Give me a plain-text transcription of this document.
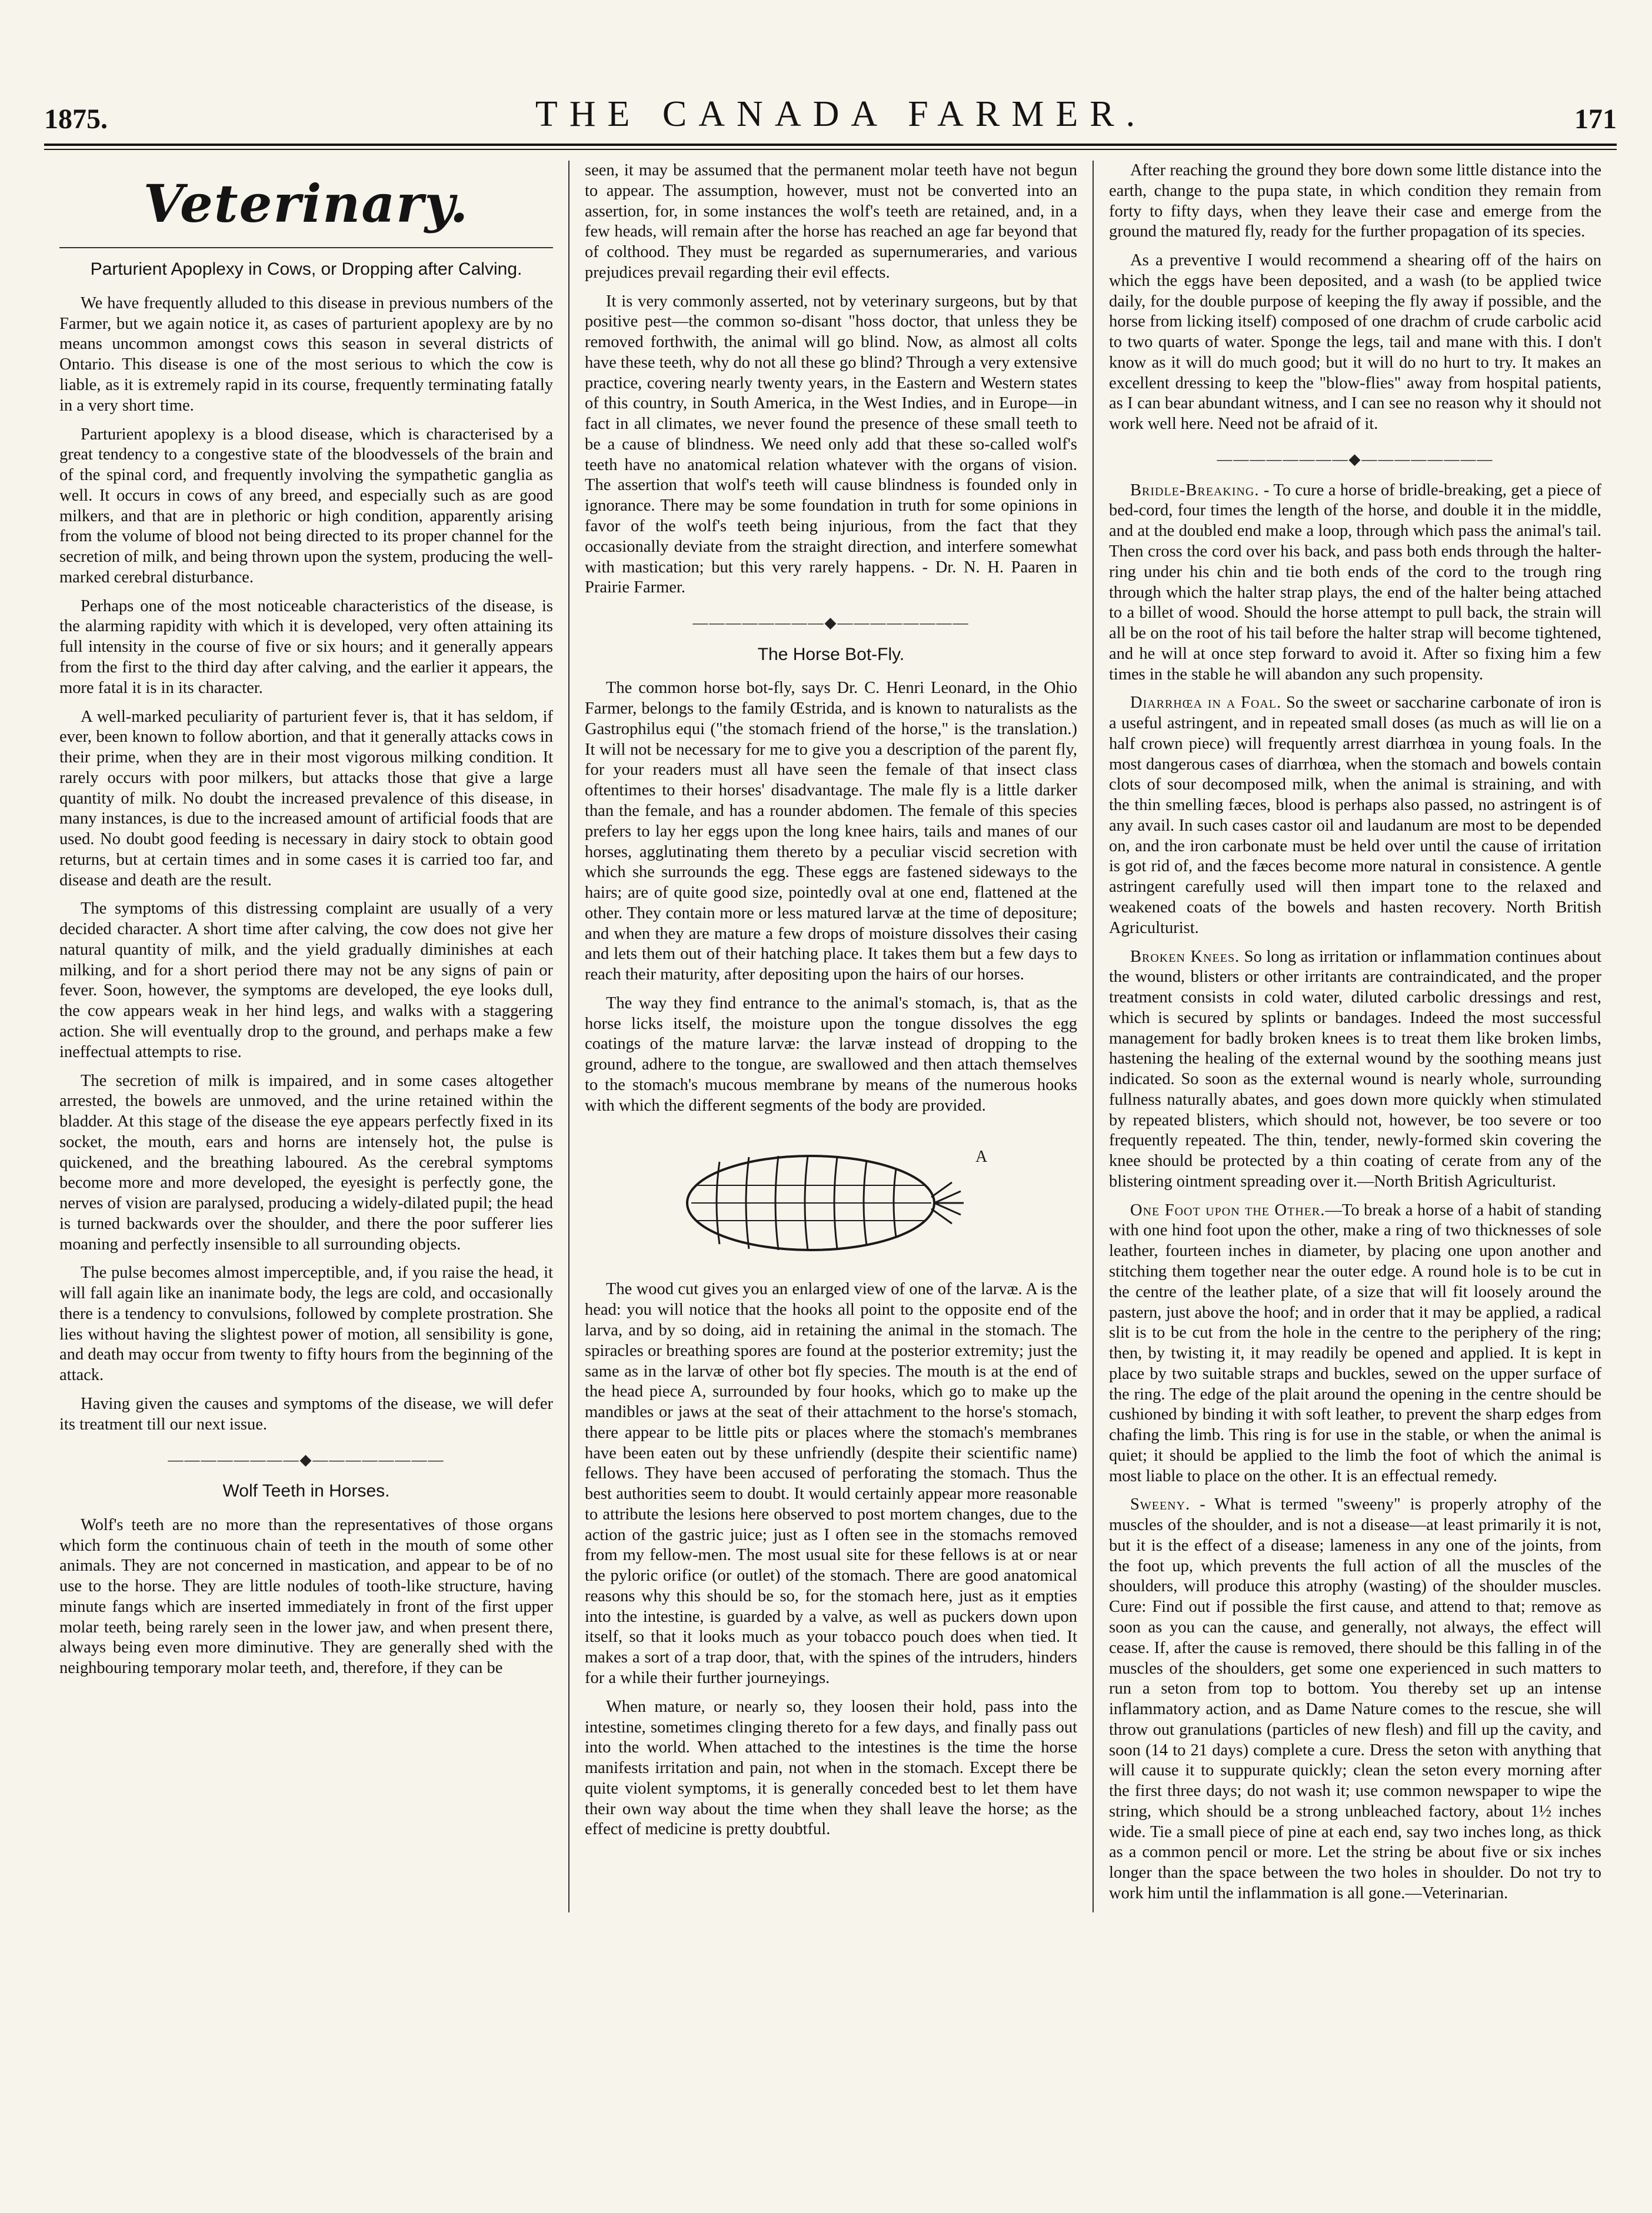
1875.	THE CANADA FARMER.	171
Veterinary.
Parturient Apoplexy in Cows, or Dropping after Calving.

We have frequently alluded to this disease in previous numbers of the Farmer, but we again notice it, as cases of parturient apoplexy are by no means uncommon amongst cows this season in several districts of Ontario. This disease is one of the most serious to which the cow is liable, as it is extremely rapid in its course, frequently terminating fatally in a very short time.

Parturient apoplexy is a blood disease, which is characterised by a great tendency to a congestive state of the bloodvessels of the brain and of the spinal cord, and frequently involving the sympathetic ganglia as well. It occurs in cows of any breed, and especially such as are good milkers, and that are in plethoric or high condition, apparently arising from the volume of blood not being directed to its proper channel for the secretion of milk, and being thrown upon the system, producing the well-marked cerebral disturbance.

Perhaps one of the most noticeable characteristics of the disease, is the alarming rapidity with which it is developed, very often attaining its full intensity in the course of five or six hours; and it generally appears from the first to the third day after calving, and the earlier it appears, the more fatal it is in its character.

A well-marked peculiarity of parturient fever is, that it has seldom, if ever, been known to follow abortion, and that it generally attacks cows in their prime, when they are in their most vigorous milking condition. It rarely occurs with poor milkers, but attacks those that give a large quantity of milk. No doubt the increased prevalence of this disease, in many instances, is due to the increased amount of artificial foods that are used. No doubt good feeding is necessary in dairy stock to obtain good returns, but at certain times and in some cases it is carried too far, and disease and death are the result.

The symptoms of this distressing complaint are usually of a very decided character. A short time after calving, the cow does not give her natural quantity of milk, and the yield gradually diminishes at each milking, and for a short period there may not be any signs of pain or fever. Soon, however, the symptoms are developed, the eye looks dull, the cow appears weak in her hind legs, and walks with a staggering action. She will eventually drop to the ground, and perhaps make a few ineffectual attempts to rise.

The secretion of milk is impaired, and in some cases altogether arrested, the bowels are unmoved, and the urine retained within the bladder. At this stage of the disease the eye appears perfectly fixed in its socket, the mouth, ears and horns are intensely hot, the pulse is quickened, and the breathing laboured. As the cerebral symptoms become more and more developed, the eyesight is perfectly gone, the nerves of vision are paralysed, producing a widely-dilated pupil; the head is turned backwards over the shoulder, and there the poor sufferer lies moaning and perfectly insensible to all surrounding objects.

The pulse becomes almost imperceptible, and, if you raise the head, it will fall again like an inanimate body, the legs are cold, and occasionally there is a tendency to convulsions, followed by complete prostration. She lies without having the slightest power of motion, all sensibility is gone, and death may occur from twenty to fifty hours from the beginning of the attack.

Having given the causes and symptoms of the disease, we will defer its treatment till our next issue.

————————◆————————
Wolf Teeth in Horses.

Wolf's teeth are no more than the representatives of those organs which form the continuous chain of teeth in the mouth of some other animals. They are not concerned in mastication, and appear to be of no use to the horse. They are little nodules of tooth-like structure, having minute fangs which are inserted immediately in front of the first upper molar teeth, being rarely seen in the lower jaw, and when present there, always being even more diminutive. They are generally shed with the neighbouring temporary molar teeth, and, therefore, if they can be

seen, it may be assumed that the permanent molar teeth have not begun to appear. The assumption, however, must not be converted into an assertion, for, in some instances the wolf's teeth are retained, and, in a few heads, will remain after the horse has reached an age far beyond that of colthood. They must be regarded as supernumeraries, and various prejudices prevail regarding their evil effects.

It is very commonly asserted, not by veterinary surgeons, but by that positive pest—the common so-disant "hoss doctor, that unless they be removed forthwith, the animal will go blind. Now, as almost all colts have these teeth, why do not all these go blind? Through a very extensive practice, covering nearly twenty years, in the Eastern and Western states of this country, in South America, in the West Indies, and in Europe—in fact in all climates, we never found the presence of these small teeth to be a cause of blindness. We need only add that these so-called wolf's teeth have no anatomical relation whatever with the organs of vision. The assertion that wolf's teeth will cause blindness is founded only in ignorance. There may be some foundation in truth for some opinions in favor of the wolf's teeth being injurious, from the fact that they occasionally deviate from the straight direction, and interfere somewhat with mastication; but this very rarely happens. - Dr. N. H. Paaren in Prairie Farmer.

————————◆————————
The Horse Bot-Fly.

The common horse bot-fly, says Dr. C. Henri Leonard, in the Ohio Farmer, belongs to the family Œstrida, and is known to naturalists as the Gastrophilus equi ("the stomach friend of the horse," is the translation.) It will not be necessary for me to give you a description of the parent fly, for your readers must all have seen the female of that insect class oftentimes to their horses' disadvantage. The male fly is a little darker than the female, and has a rounder abdomen. The female of this species prefers to lay her eggs upon the long knee hairs, tails and manes of our horses, agglutinating them thereto by a peculiar viscid secretion with which she surrounds the egg. These eggs are fastened sideways to the hairs; are of quite good size, pointedly oval at one end, flattened at the other. They contain more or less matured larvæ at the time of depositure; and when they are mature a few drops of moisture dissolves their casing and lets them out of their hatching place. It takes them but a few days to reach their maturity, after depositing upon the hairs of our horses.

The way they find entrance to the animal's stomach, is, that as the horse licks itself, the moisture upon the tongue dissolves the egg coatings of the mature larvæ: the larvæ instead of dropping to the ground, adhere to the tongue, are swallowed and then attach themselves to the stomach's mucous membrane by means of the numerous hooks with which the different segments of the body are provided.

A

The wood cut gives you an enlarged view of one of the larvæ. A is the head: you will notice that the hooks all point to the opposite end of the larva, and by so doing, aid in retaining the animal in the stomach. The spiracles or breathing spores are found at the posterior extremity; just the same as in the larvæ of other bot fly species. The mouth is at the end of the head piece A, surrounded by four hooks, which go to make up the mandibles or jaws at the seat of their attachment to the horse's stomach, there appear to be little pits or places where the stomach's membranes have been eaten out by these unfriendly (despite their scientific name) fellows. They have been accused of perforating the stomach. Thus the best authorities seem to doubt. It would certainly appear more reasonable to attribute the lesions here observed to post mortem changes, due to the action of the gastric juice; just as I often see in the stomachs removed from my fellow-men. The most usual site for these fellows is at or near the pyloric orifice (or outlet) of the stomach. There are good anatomical reasons why this should be so, for the stomach here, just as it empties into the intestine, is guarded by a valve, as well as puckers down upon itself, so that it looks much as your tobacco pouch does when tied. It makes a sort of a trap door, that, with the spines of the intruders, hinders for a while their further journeyings.

When mature, or nearly so, they loosen their hold, pass into the intestine, sometimes clinging thereto for a few days, and finally pass out into the world. When attached to the intestines is the time the horse manifests irritation and pain, not when in the stomach. Except there be quite violent symptoms, it is generally conceded best to let them have their own way about the time when they shall leave the horse; as the effect of medicine is pretty doubtful.

After reaching the ground they bore down some little distance into the earth, change to the pupa state, in which condition they remain from forty to fifty days, when they leave their case and emerge from the ground the matured fly, ready for the further propagation of its species.

As a preventive I would recommend a shearing off of the hairs on which the eggs have been deposited, and a wash (to be applied twice daily, for the double purpose of keeping the fly away if possible, and the horse from licking itself) composed of one drachm of crude carbolic acid to two quarts of water. Sponge the legs, tail and mane with this. I don't know as it will do much good; but it will do no hurt to try. It makes an excellent dressing to keep the "blow-flies" away from hospital patients, as I can bear abundant witness, and I can see no reason why it should not work well here. Need not be afraid of it.

————————◆————————

Bridle-Breaking. - To cure a horse of bridle-breaking, get a piece of bed-cord, four times the length of the horse, and double it in the middle, and at the doubled end make a loop, through which pass the animal's tail. Then cross the cord over his back, and pass both ends through the halter-ring under his chin and tie both ends of the cord to the trough ring through which the halter strap plays, the end of the halter being attached to a billet of wood. Should the horse attempt to pull back, the strain will all be on the root of his tail before the halter strap will become tightened, and he will at once step forward to avoid it. After so fixing him a few times in the stable he will abandon any such propensity.

Diarrhœa in a Foal. So the sweet or saccharine carbonate of iron is a useful astringent, and in repeated small doses (as much as will lie on a half crown piece) will frequently arrest diarrhœa in young foals. In the most dangerous cases of diarrhœa, when the stomach and bowels contain clots of sour decomposed milk, when the animal is straining, and with the thin smelling fæces, blood is perhaps also passed, no astringent is of any avail. In such cases castor oil and laudanum are most to be depended on, and the iron carbonate must be held over until the cause of irritation is got rid of, and the fæces become more natural in consistence. A gentle astringent carefully used will then impart tone to the relaxed and weakened coats of the bowels and hasten recovery. North British Agriculturist.

Broken Knees. So long as irritation or inflammation continues about the wound, blisters or other irritants are contraindicated, and the proper treatment consists in cold water, diluted carbolic dressings and rest, which is secured by splints or bandages. Indeed the most successful management for badly broken knees is to treat them like broken limbs, hastening the healing of the external wound by the soothing means just indicated. So soon as the external wound is nearly whole, surrounding fullness naturally abates, and goes down more quickly when stimulated by repeated blisters, which should not, however, be too severe or too frequently repeated. The thin, tender, newly-formed skin covering the knee should be protected by a thin coating of cerate from any of the blistering ointment spreading over it.—North British Agriculturist.

One Foot upon the Other.—To break a horse of a habit of standing with one hind foot upon the other, make a ring of two thicknesses of sole leather, fourteen inches in diameter, by placing one upon another and stitching them together near the outer edge. A round hole is to be cut in the centre of the leather plate, of a size that will fit loosely around the pastern, just above the hoof; and in order that it may be applied, a radical slit is to be cut from the hole in the centre to the periphery of the ring; then, by twisting it, it may readily be opened and applied. It is kept in place by two suitable straps and buckles, sewed on the upper surface of the ring. The edge of the plait around the opening in the centre should be cushioned by binding it with soft leather, to prevent the sharp edges from chafing the limb. This ring is for use in the stable, or when the animal is quiet; it should be applied to the limb the foot of which the animal is most liable to place on the other. It is an effectual remedy.

Sweeny. - What is termed "sweeny" is properly atrophy of the muscles of the shoulder, and is not a disease—at least primarily it is not, but it is the effect of a disease; lameness in any one of the joints, from the foot up, which prevents the full action of all the muscles of the shoulders, will produce this atrophy (wasting) of the shoulder muscles. Cure: Find out if possible the first cause, and attend to that; remove as soon as you can the cause, and generally, not always, the effect will cease. If, after the cause is removed, there should be this falling in of the muscles of the shoulders, get some one experienced in such matters to run a seton from top to bottom. You thereby set up an intense inflammatory action, and as Dame Nature comes to the rescue, she will throw out granulations (particles of new flesh) and fill up the cavity, and soon (14 to 21 days) complete a cure. Dress the seton with anything that will cause it to suppurate quickly; clean the seton every morning after the first three days; do not wash it; use common newspaper to wipe the string, which should be a strong unbleached factory, about 1½ inches wide. Tie a small piece of pine at each end, say two inches long, as thick as a common pencil or more. Let the string be about five or six inches longer than the space between the two holes in shoulder. Do not try to work him until the inflammation is all gone.—Veterinarian.
